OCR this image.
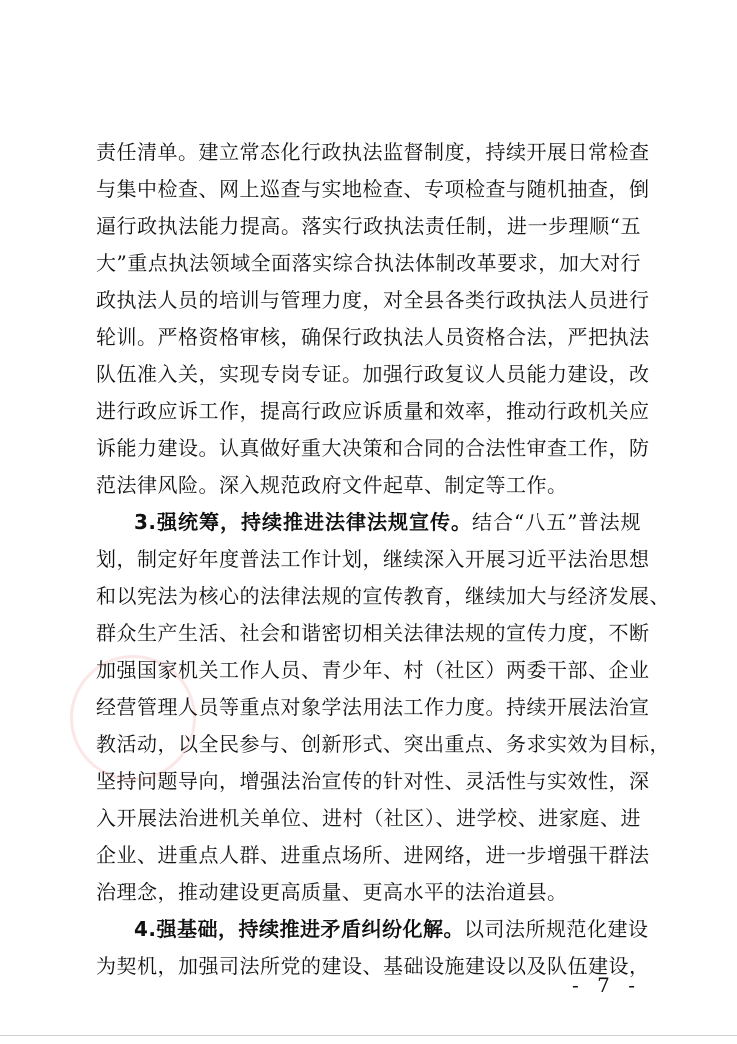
责任清单。建立常态化行政执法监督制度，持续开展日常检查
与集中检查、网上巡查与实地检查、专项检查与随机抽查，倒
逼行政执法能力提高。落实行政执法责任制，进一步理顺“五
大”重点执法领域全面落实综合执法体制改革要求，加大对行
政执法人员的培训与管理力度，对全县各类行政执法人员进行
轮训。严格资格审核，确保行政执法人员资格合法，严把执法
队伍准入关，实现专岗专证。加强行政复议人员能力建设，改
进行政应诉工作，提高行政应诉质量和效率，推动行政机关应
诉能力建设。认真做好重大决策和合同的合法性审查工作，防
范法律风险。深入规范政府文件起草、制定等工作。
3.强统筹，持续推进法律法规宣传。结合“八五”普法规
划，制定好年度普法工作计划，继续深入开展习近平法治思想
和以宪法为核心的法律法规的宣传教育，继续加大与经济发展、
群众生产生活、社会和谐密切相关法律法规的宣传力度，不断
加强国家机关工作人员、青少年、村（社区）两委干部、企业
经营管理人员等重点对象学法用法工作力度。持续开展法治宣
教活动，以全民参与、创新形式、突出重点、务求实效为目标，
坚持问题导向，增强法治宣传的针对性、灵活性与实效性，深
入开展法治进机关单位、进村（社区）、进学校、进家庭、进
企业、进重点人群、进重点场所、进网络，进一步增强干群法
治理念，推动建设更高质量、更高水平的法治道县。
4.强基础，持续推进矛盾纠纷化解。以司法所规范化建设
为契机，加强司法所党的建设、基础设施建设以及队伍建设，
- 7 -
